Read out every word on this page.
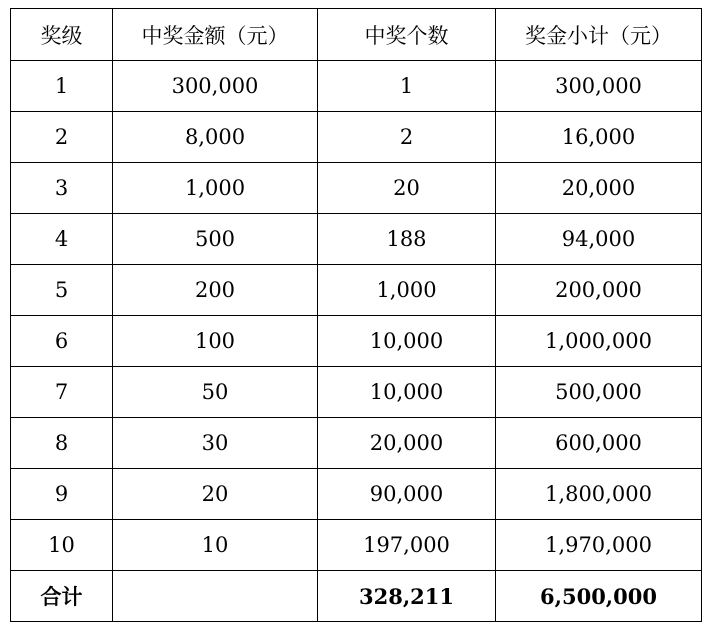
奖级	中奖金额（元）	中奖个数	奖金小计（元）
1	300,000	1	300,000
2	8,000	2	16,000
3	1,000	20	20,000
4	500	188	94,000
5	200	1,000	200,000
6	100	10,000	1,000,000
7	50	10,000	500,000
8	30	20,000	600,000
9	20	90,000	1,800,000
10	10	197,000	1,970,000
合计		328,211	6,500,000
